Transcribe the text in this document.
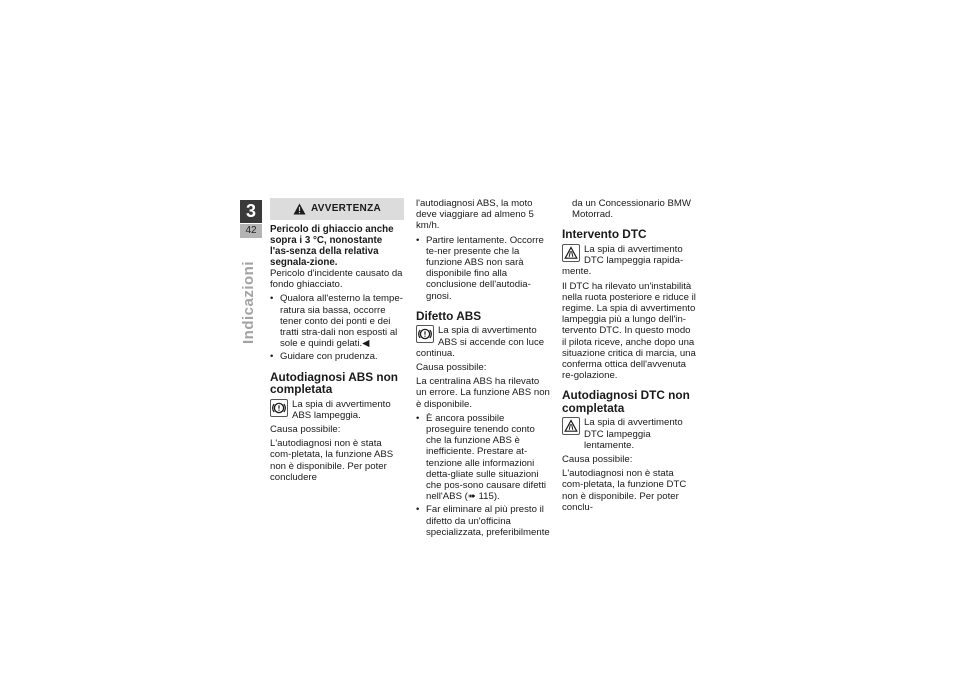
3
42
Indicazioni
AVVERTENZA

Pericolo di ghiaccio anche sopra i 3 °C, nonostante l'as-senza della relativa segnala-zione.

Pericolo d'incidente causato da fondo ghiacciato.

• Qualora all'esterno la tempe-ratura sia bassa, occorre tener conto dei ponti e dei tratti stra-dali non esposti al sole e quindi gelati.◀
• Guidare con prudenza.
Autodiagnosi ABS non completata
La spia di avvertimento ABS lampeggia.

Causa possibile:

L'autodiagnosi non è stata com-pletata, la funzione ABS non è disponibile. Per poter concludere

l'autodiagnosi ABS, la moto deve viaggiare ad almeno 5 km/h.

• Partire lentamente. Occorre te-ner presente che la funzione ABS non sarà disponibile fino alla conclusione dell'autodia-gnosi.
Difetto ABS
La spia di avvertimento ABS si accende con luce continua.

Causa possibile:

La centralina ABS ha rilevato un errore. La funzione ABS non è disponibile.

• È ancora possibile proseguire tenendo conto che la funzione ABS è inefficiente. Prestare at-tenzione alle informazioni detta-gliate sulle situazioni che pos-sono causare difetti nell'ABS (➠ 115).
• Far eliminare al più presto il difetto da un'officina specializzata, preferibilmente

da un Concessionario BMW Motorrad.

Intervento DTC
La spia di avvertimento DTC lampeggia rapida-mente.

Il DTC ha rilevato un'instabilità nella ruota posteriore e riduce il regime. La spia di avvertimento lampeggia più a lungo dell'in-tervento DTC. In questo modo il pilota riceve, anche dopo una situazione critica di marcia, una conferma ottica dell'avvenuta re-golazione.

Autodiagnosi DTC non completata
La spia di avvertimento DTC lampeggia lentamente.

Causa possibile:

L'autodiagnosi non è stata com-pletata, la funzione DTC non è disponibile. Per poter conclu-
